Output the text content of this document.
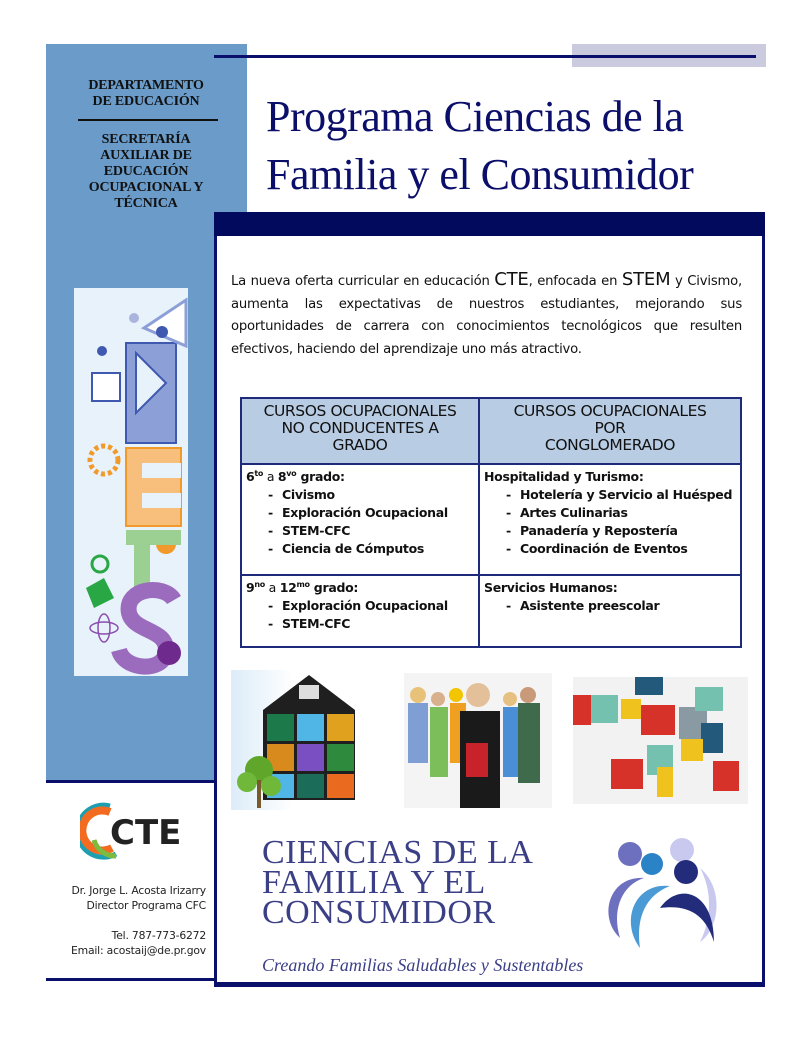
DEPARTAMENTO
DE EDUCACIÓN
SECRETARÍA
AUXILIAR DE
EDUCACIÓN
OCUPACIONAL Y
TÉCNICA
CTE
Dr. Jorge L. Acosta Irizarry
Director Programa CFC
Tel. 787-773-6272
Email: acostaij@de.pr.gov
Programa Ciencias de la
Familia y el Consumidor
La nueva oferta curricular en educación CTE, enfocada en STEM y Civismo, aumenta las expectativas de nuestros estudiantes, mejorando sus oportunidades de carrera con conocimientos tecnológicos que resulten efectivos, haciendo del aprendizaje uno más atractivo.
CURSOS OCUPACIONALES
NO CONDUCENTES A
GRADO
CURSOS OCUPACIONALES
POR
CONGLOMERADO
$6^{to}$ a $8^{vo}$ grado:
- Civismo
- Exploración Ocupacional
- STEM-CFC
- Ciencia de Cómputos
Hospitalidad y Turismo:
- Hotelería y Servicio al Huésped
- Artes Culinarias
- Panadería y Repostería
- Coordinación de Eventos
$9^{no}$ a $12^{mo}$ grado:
- Exploración Ocupacional
- STEM-CFC
Servicios Humanos:
- Asistente preescolar
CIENCIAS DE LA
FAMILIA Y EL
CONSUMIDOR
Creando Familias Saludables y Sustentables
